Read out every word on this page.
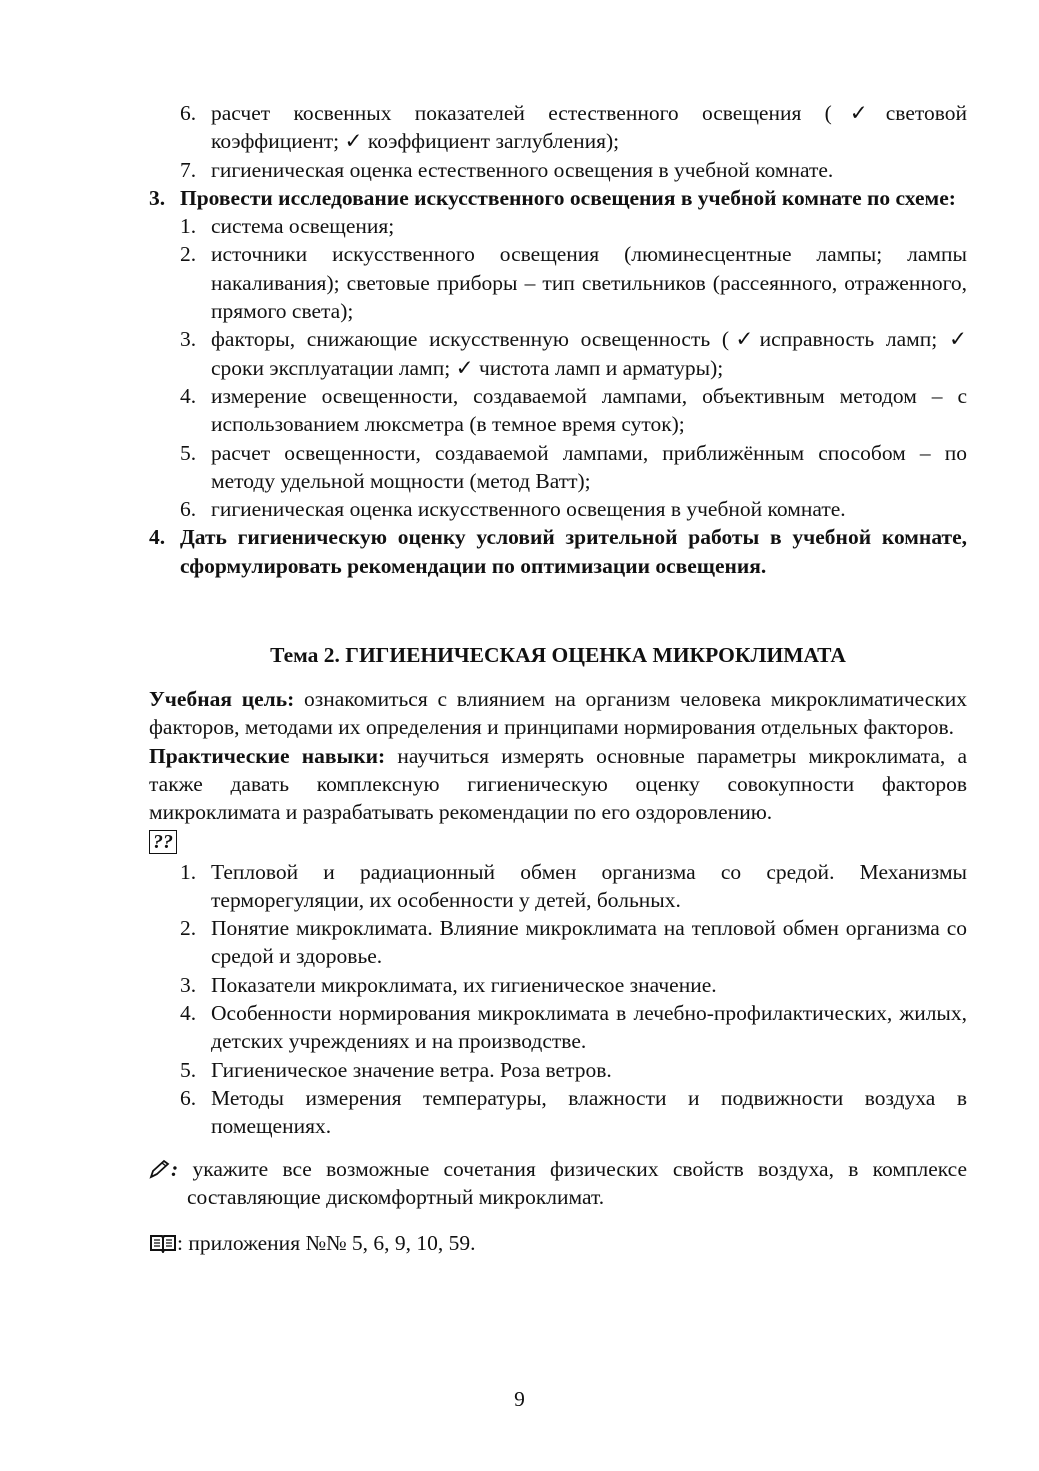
6. расчет косвенных показателей естественного освещения (✓световой коэффициент; ✓ коэффициент заглубления);
7. гигиеническая оценка естественного освещения в учебной комнате.
3. Провести исследование искусственного освещения в учебной комнате по схеме:
1. система освещения;
2. источники искусственного освещения (люминесцентные лампы; лампы накаливания); световые приборы – тип светильников (рассеянного, отраженного, прямого света);
3. факторы, снижающие искусственную освещенность (✓исправность ламп; ✓ сроки эксплуатации ламп; ✓ чистота ламп и арматуры);
4. измерение освещенности, создаваемой лампами, объективным методом – с использованием люксметра (в темное время суток);
5. расчет освещенности, создаваемой лампами, приближённым способом – по методу удельной мощности (метод Ватт);
6. гигиеническая оценка искусственного освещения в учебной комнате.
4. Дать гигиеническую оценку условий зрительной работы в учебной комнате, сформулировать рекомендации по оптимизации освещения.
Тема 2. ГИГИЕНИЧЕСКАЯ ОЦЕНКА МИКРОКЛИМАТА

Учебная цель: ознакомиться с влиянием на организм человека микроклиматических факторов, методами их определения и принципами нормирования отдельных факторов.

Практические навыки: научиться измерять основные параметры микроклимата, а также давать комплексную гигиеническую оценку совокупности факторов микроклимата и разрабатывать рекомендации по его оздоровлению.

??
1. Тепловой и радиационный обмен организма со средой. Механизмы терморегуляции, их особенности у детей, больных.
2. Понятие микроклимата. Влияние микроклимата на тепловой обмен организма со средой и здоровье.
3. Показатели микроклимата, их гигиеническое значение.
4. Особенности нормирования микроклимата в лечебно-профилактических, жилых, детских учреждениях и на производстве.
5. Гигиеническое значение ветра. Роза ветров.
6. Методы измерения температуры, влажности и подвижности воздуха в помещениях.

: укажите все возможные сочетания физических свойств воздуха, в комплексе составляющие дискомфортный микроклимат.

: приложения №№ 5, 6, 9, 10, 59.

9
